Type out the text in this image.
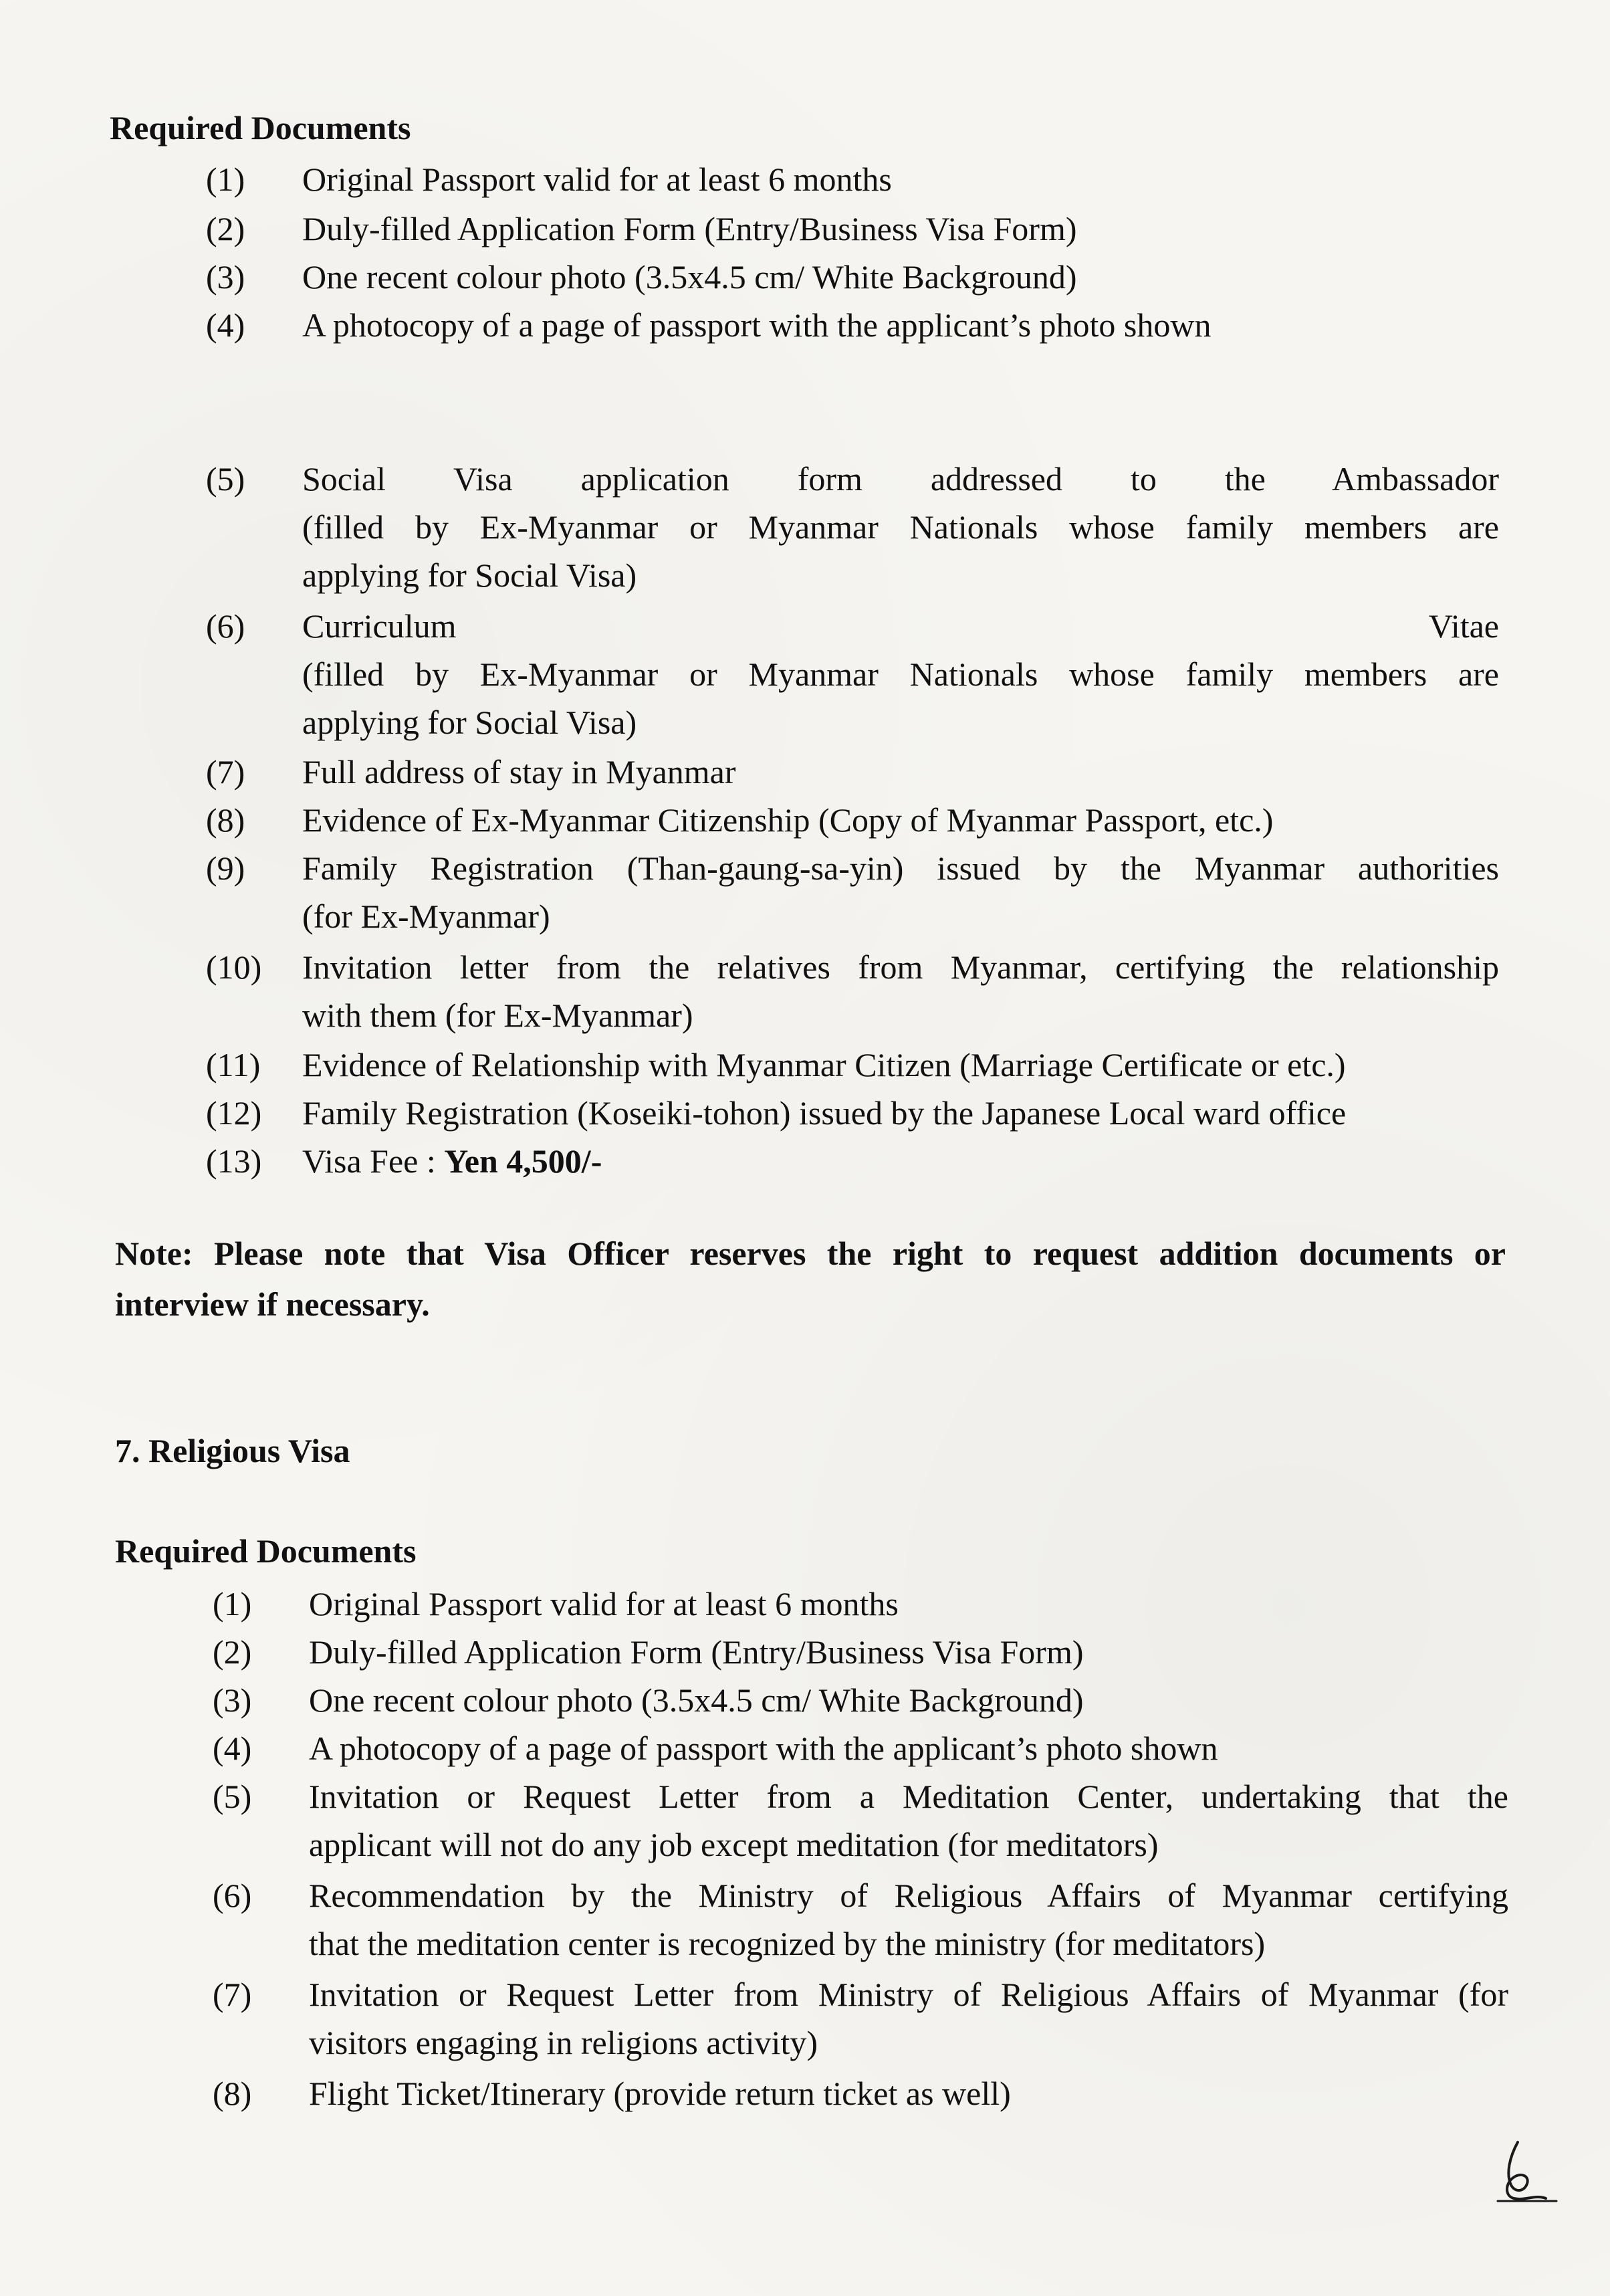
Required Documents
(1) Original Passport valid for at least 6 months
(2) Duly-filled Application Form (Entry/Business Visa Form)
(3) One recent colour photo (3.5x4.5 cm/ White Background)
(4) A photocopy of a page of passport with the applicant’s photo shown
(5) Social Visa application form addressed to the Ambassador
(filled by Ex-Myanmar or Myanmar Nationals whose family members are
applying for Social Visa)
(6) Curriculum Vitae
(filled by Ex-Myanmar or Myanmar Nationals whose family members are
applying for Social Visa)
(7) Full address of stay in Myanmar
(8) Evidence of Ex-Myanmar Citizenship (Copy of Myanmar Passport, etc.)
(9) Family Registration (Than-gaung-sa-yin) issued by the Myanmar authorities
(for Ex-Myanmar)
(10) Invitation letter from the relatives from Myanmar, certifying the relationship
with them (for Ex-Myanmar)
(11) Evidence of Relationship with Myanmar Citizen (Marriage Certificate or etc.)
(12) Family Registration (Koseiki-tohon) issued by the Japanese Local ward office
(13) Visa Fee : Yen 4,500/-
Note: Please note that Visa Officer reserves the right to request addition documents or
interview if necessary.
7. Religious Visa
Required Documents
(1) Original Passport valid for at least 6 months
(2) Duly-filled Application Form (Entry/Business Visa Form)
(3) One recent colour photo (3.5x4.5 cm/ White Background)
(4) A photocopy of a page of passport with the applicant’s photo shown
(5) Invitation or Request Letter from a Meditation Center, undertaking that the
applicant will not do any job except meditation (for meditators)
(6) Recommendation by the Ministry of Religious Affairs of Myanmar certifying
that the meditation center is recognized by the ministry (for meditators)
(7) Invitation or Request Letter from Ministry of Religious Affairs of Myanmar (for
visitors engaging in religions activity)
(8) Flight Ticket/Itinerary (provide return ticket as well)
